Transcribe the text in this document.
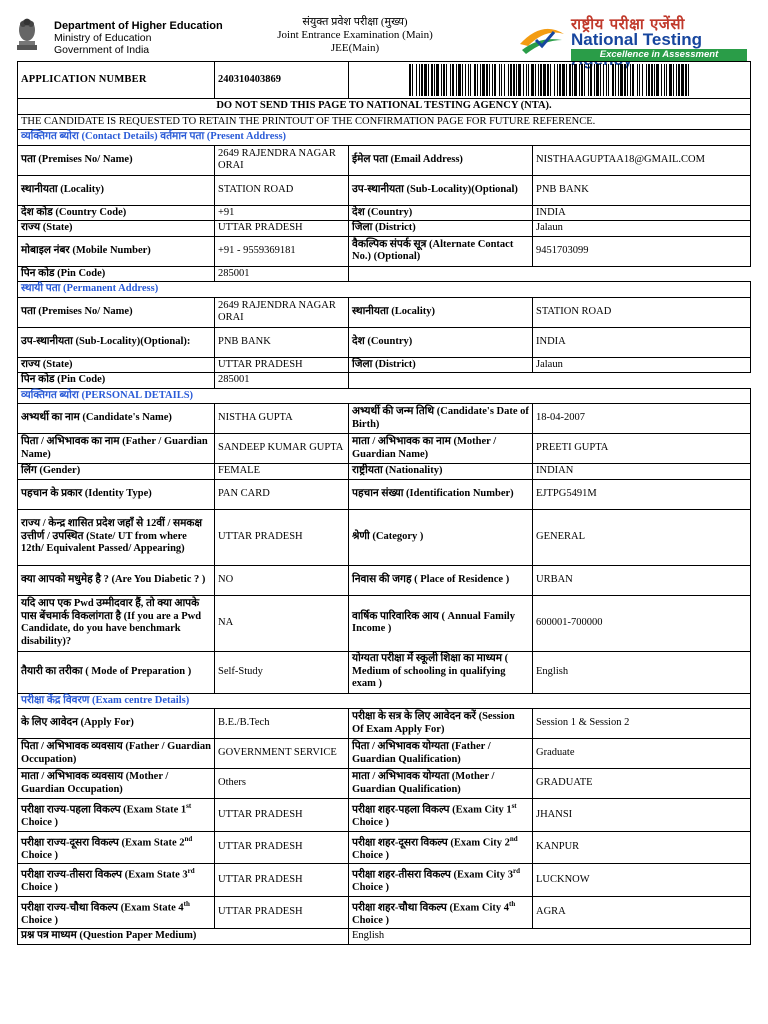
Department of Higher Education
Ministry of Education
Government of India
संयुक्त प्रवेश परीक्षा (मुख्य)
Joint Entrance Examination (Main)
JEE(Main)
राष्ट्रीय परीक्षा एजेंसी
National Testing
Excellence in Assessment
APPLICATION NUMBER	240310403869	

DO NOT SEND THIS PAGE TO NATIONAL TESTING AGENCY (NTA).			
THE CANDIDATE IS REQUESTED TO RETAIN THE PRINTOUT OF THE CONFIRMATION PAGE FOR FUTURE REFERENCE.			
व्यक्तिगत ब्योरा (Contact Details) वर्तमान पता (Present Address)			
पता (Premises No/ Name)	2649 RAJENDRA NAGAR ORAI	ईमेल पता (Email Address)	NISTHAAGUPTAA18@GMAIL.COM
स्थानीयता (Locality)	STATION ROAD	उप-स्थानीयता (Sub-Locality)(Optional)	PNB BANK
देश कोड (Country Code)	+91	देश (Country)	INDIA
राज्य (State)	UTTAR PRADESH	जिला (District)	Jalaun
मोबाइल नंबर (Mobile Number)	+91 - 9559369181	वैकल्पिक संपर्क सूत्र (Alternate Contact No.) (Optional)	9451703099
पिन कोड (Pin Code)	285001		
स्थायी पता (Permanent Address)			
पता (Premises No/ Name)	2649 RAJENDRA NAGAR ORAI	स्थानीयता (Locality)	STATION ROAD
उप-स्थानीयता (Sub-Locality)(Optional):	PNB BANK	देश (Country)	INDIA
राज्य (State)	UTTAR PRADESH	जिला (District)	Jalaun
पिन कोड (Pin Code)	285001		
व्यक्तिगत ब्योरा (PERSONAL DETAILS)			
अभ्यर्थी का नाम (Candidate's Name)	NISTHA GUPTA	अभ्यर्थी की जन्म तिथि (Candidate's Date of Birth)	18-04-2007
पिता / अभिभावक का नाम (Father / Guardian Name)	SANDEEP KUMAR GUPTA	माता / अभिभावक का नाम (Mother / Guardian Name)	PREETI GUPTA
लिंग (Gender)	FEMALE	राष्ट्रीयता (Nationality)	INDIAN
पहचान के प्रकार (Identity Type)	PAN CARD	पहचान संख्या (Identification Number)	EJTPG5491M
राज्य / केन्द्र शासित प्रदेश जहाँ से 12वीं / समकक्ष उत्तीर्ण / उपस्थित (State/ UT from where 12th/ Equivalent Passed/ Appearing)	UTTAR PRADESH	श्रेणी (Category )	GENERAL
क्या आपको मधुमेह है ? (Are You Diabetic ? )	NO	निवास की जगह ( Place of Residence )	URBAN
यदि आप एक Pwd उम्मीदवार हैं, तो क्या आपके पास बेंचमार्क विकलांगता है (If you are a Pwd Candidate, do you have benchmark disability)?	NA	वार्षिक पारिवारिक आय ( Annual Family Income )	600001-700000
तैयारी का तरीका ( Mode of Preparation )	Self-Study	योग्यता परीक्षा में स्कूली शिक्षा का माध्यम ( Medium of schooling in qualifying exam )	English
परीक्षा केंद्र विवरण (Exam centre Details)			
के लिए आवेदन (Apply For)	B.E./B.Tech	परीक्षा के सत्र के लिए आवेदन करें (Session Of Exam Apply For)	Session 1 & Session 2
पिता / अभिभावक व्यवसाय (Father / Guardian Occupation)	GOVERNMENT SERVICE	पिता / अभिभावक योग्यता (Father / Guardian Qualification)	Graduate
माता / अभिभावक व्यवसाय (Mother / Guardian Occupation)	Others	माता / अभिभावक योग्यता (Mother / Guardian Qualification)	GRADUATE
परीक्षा राज्य-पहला विकल्प (Exam State 1st Choice )	UTTAR PRADESH	परीक्षा शहर-पहला विकल्प (Exam City 1st Choice )	JHANSI
परीक्षा राज्य-दूसरा विकल्प (Exam State 2nd Choice )	UTTAR PRADESH	परीक्षा शहर-दूसरा विकल्प (Exam City 2nd Choice )	KANPUR
परीक्षा राज्य-तीसरा विकल्प (Exam State 3rd Choice )	UTTAR PRADESH	परीक्षा शहर-तीसरा विकल्प (Exam City 3rd Choice )	LUCKNOW
परीक्षा राज्य-चौथा विकल्प (Exam State 4th Choice )	UTTAR PRADESH	परीक्षा शहर-चौथा विकल्प (Exam City 4th Choice )	AGRA
प्रश्न पत्र माध्यम (Question Paper Medium)		English	
